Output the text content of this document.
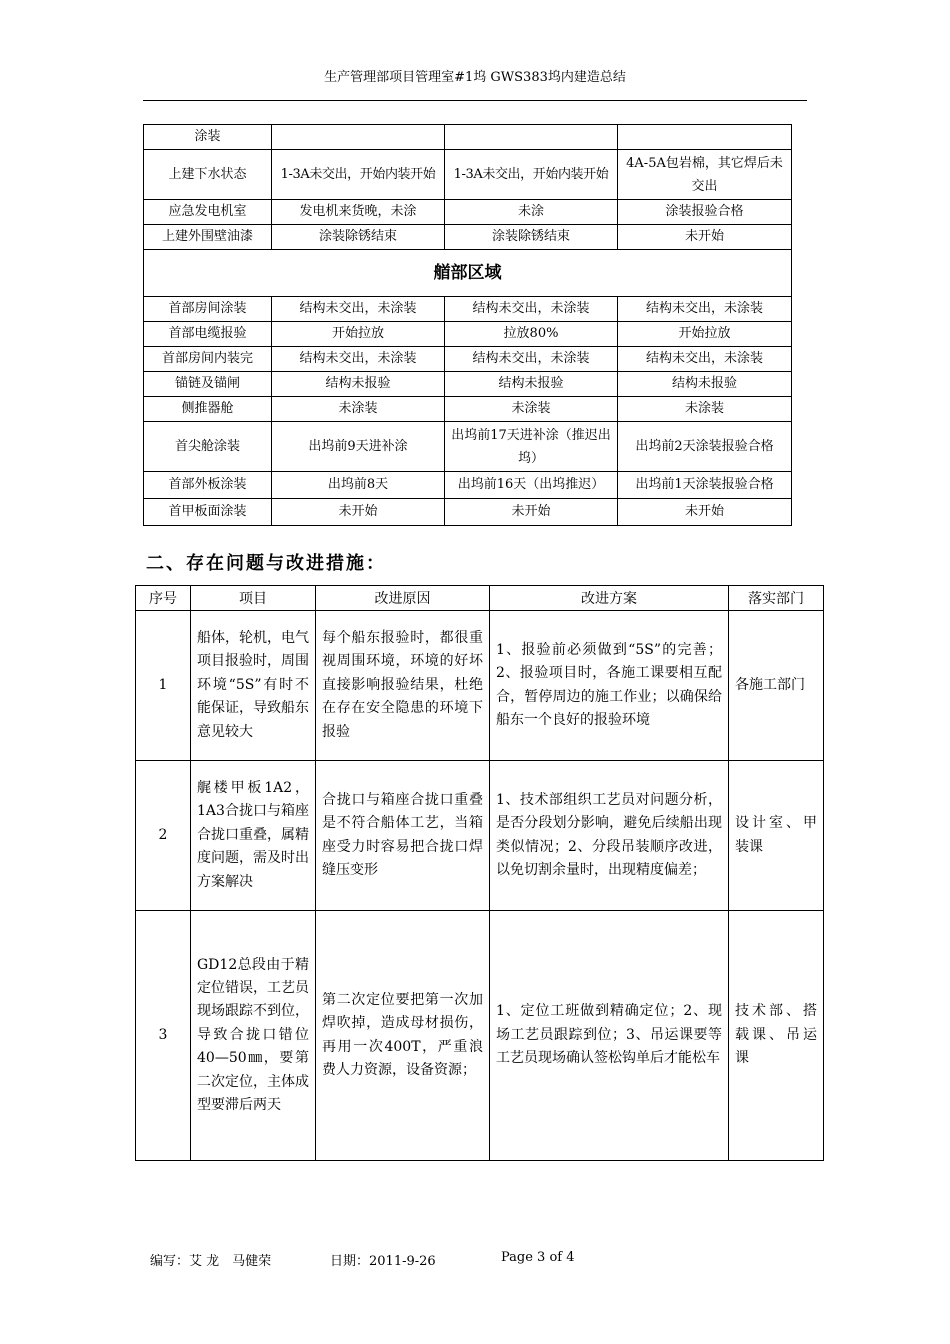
生产管理部项目管理室#1坞 GWS383坞内建造总结
涂装			
上建下水状态	1-3A未交出，开始内装开始	1-3A未交出，开始内装开始	4A-5A包岩棉，其它焊后未交出
应急发电机室	发电机来货晚，未涂	未涂	涂装报验合格
上建外围壁油漆	涂装除锈结束	涂装除锈结束	未开始
艏部区域			
首部房间涂装	结构未交出，未涂装	结构未交出，未涂装	结构未交出，未涂装
首部电缆报验	开始拉放	拉放80%	开始拉放
首部房间内装完	结构未交出，未涂装	结构未交出，未涂装	结构未交出，未涂装
锚链及锚闸	结构未报验	结构未报验	结构未报验
侧推器舱	未涂装	未涂装	未涂装
首尖舱涂装	出坞前9天进补涂	出坞前17天进补涂（推迟出坞）	出坞前2天涂装报验合格
首部外板涂装	出坞前8天	出坞前16天（出坞推迟）	出坞前1天涂装报验合格
首甲板面涂装	未开始	未开始	未开始
二、存在问题与改进措施：
序号	项目	改进原因	改进方案	落实部门
1	船体，轮机，电气项目报验时，周围环境“5S”有时不能保证，导致船东意见较大	每个船东报验时，都很重视周围环境，环境的好坏直接影响报验结果，杜绝在存在安全隐患的环境下报验	1、报验前必须做到“5S”的完善；2、报验项目时，各施工课要相互配合，暂停周边的施工作业；以确保给船东一个良好的报验环境	各施工部门
2	艉楼甲板1A2，1A3合拢口与箱座合拢口重叠，属精度问题，需及时出方案解决	合拢口与箱座合拢口重叠是不符合船体工艺，当箱座受力时容易把合拢口焊缝压变形	1、技术部组织工艺员对问题分析，是否分段划分影响，避免后续船出现类似情况；2、分段吊装顺序改进，以免切割余量时，出现精度偏差；	设计室、甲装课
3	GD12总段由于精定位错误，工艺员现场跟踪不到位，导致合拢口错位40—50㎜，要第二次定位，主体成型要滞后两天	第二次定位要把第一次加焊吹掉，造成母材损伤，再用一次400T，严重浪费人力资源，设备资源；	1、定位工班做到精确定位；2、现场工艺员跟踪到位；3、吊运课要等工艺员现场确认签松钩单后才能松车	技术部、搭载课、吊运课
编写：艾 龙　马健荣	日期：2011-9-26	Page 3 of 4
